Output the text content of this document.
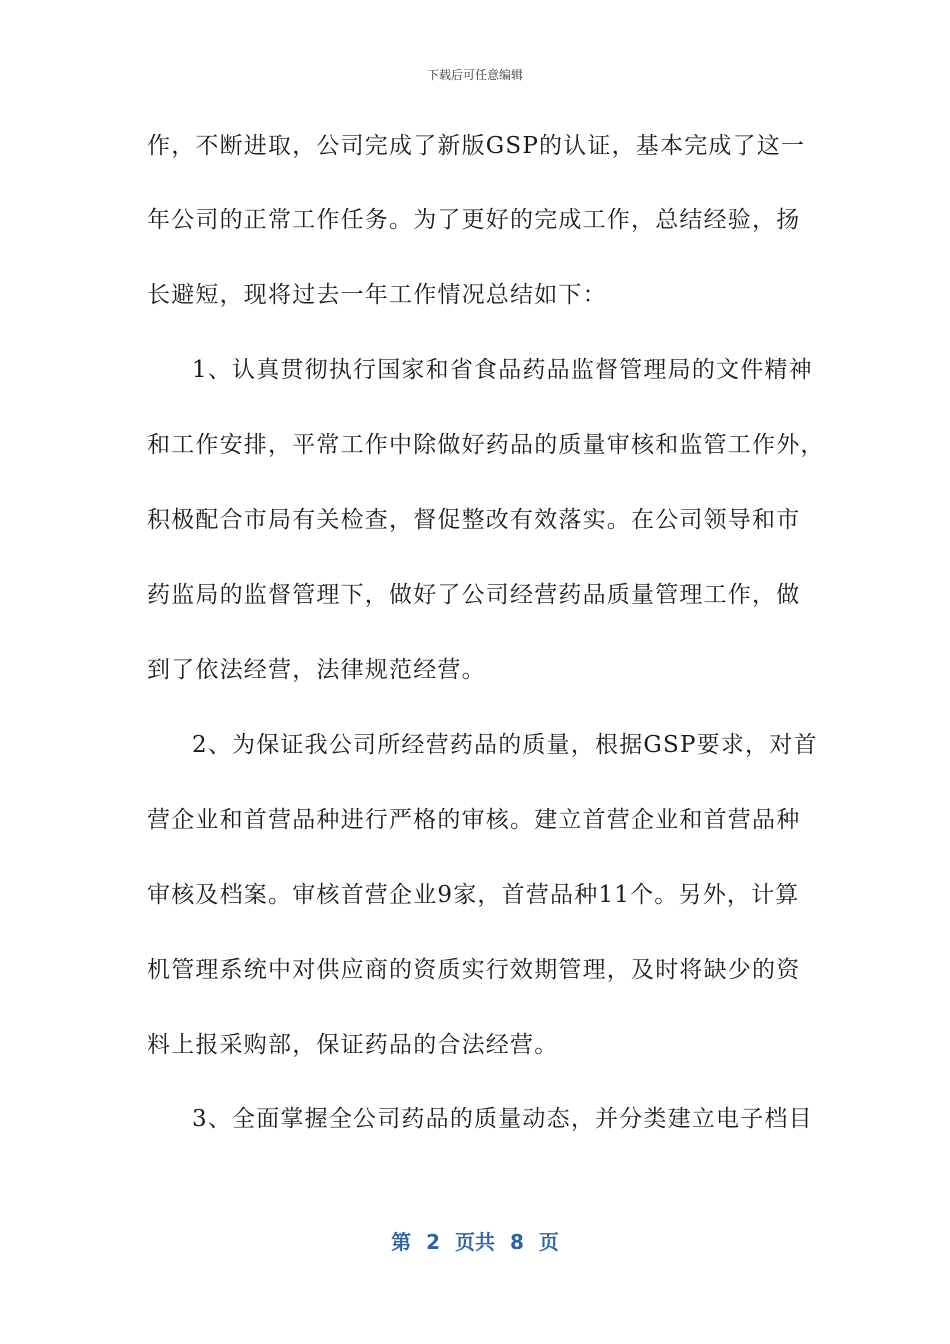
下载后可任意编辑
作，不断进取，公司完成了新版GSP的认证，基本完成了这一
年公司的正常工作任务。为了更好的完成工作，总结经验，扬
长避短，现将过去一年工作情况总结如下：
1、认真贯彻执行国家和省食品药品监督管理局的文件精神
和工作安排，平常工作中除做好药品的质量审核和监管工作外，
积极配合市局有关检查，督促整改有效落实。在公司领导和市
药监局的监督管理下，做好了公司经营药品质量管理工作，做
到了依法经营，法律规范经营。
2、为保证我公司所经营药品的质量，根据GSP要求，对首
营企业和首营品种进行严格的审核。建立首营企业和首营品种
审核及档案。审核首营企业9家，首营品种11个。另外，计算
机管理系统中对供应商的资质实行效期管理，及时将缺少的资
料上报采购部，保证药品的合法经营。
3、全面掌握全公司药品的质量动态，并分类建立电子档目
第 2 页共 8 页
